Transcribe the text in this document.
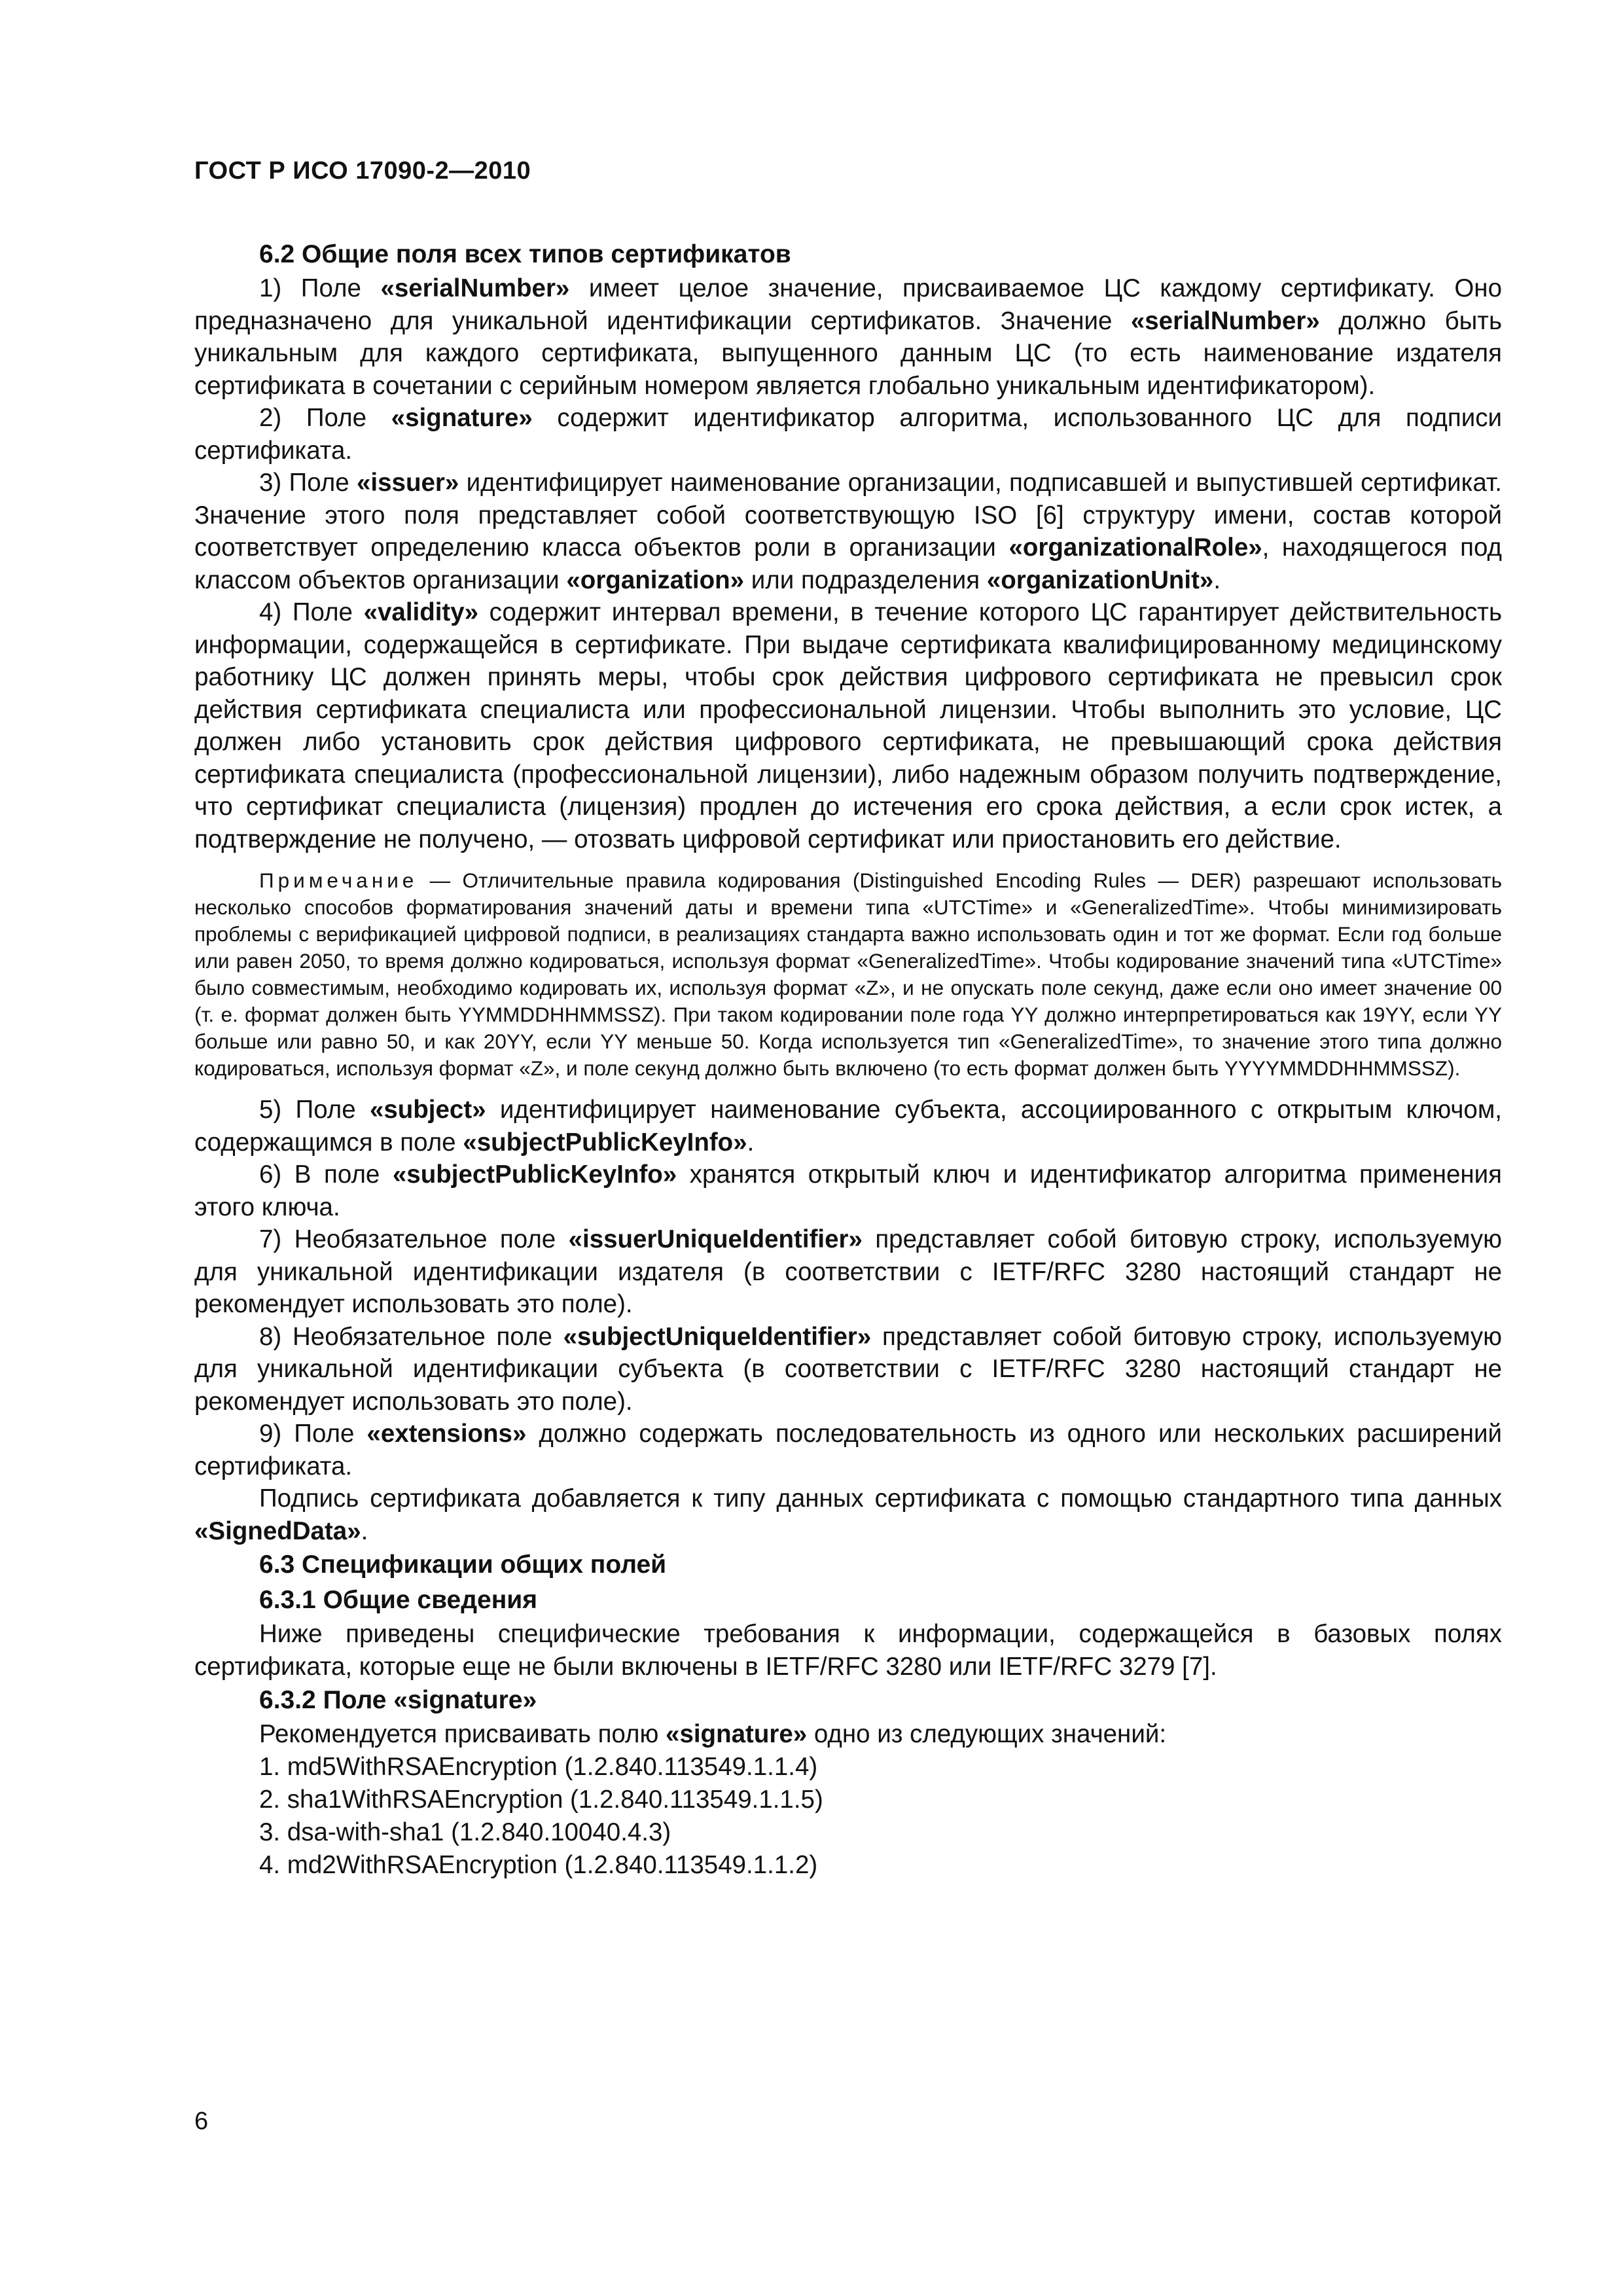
ГОСТ Р ИСО 17090-2—2010

6.2 Общие поля всех типов сертификатов

1) Поле «serialNumber» имеет целое значение, присваиваемое ЦС каждому сертификату. Оно предназначено для уникальной идентификации сертификатов. Значение «serialNumber» должно быть уникальным для каждого сертификата, выпущенного данным ЦС (то есть наименование издателя сертификата в сочетании с серийным номером является глобально уникальным идентификатором).

2) Поле «signature» содержит идентификатор алгоритма, использованного ЦС для подписи сертификата.

3) Поле «issuer» идентифицирует наименование организации, подписавшей и выпустившей сертификат. Значение этого поля представляет собой соответствующую ISO [6] структуру имени, состав которой соответствует определению класса объектов роли в организации «organizationalRole», находящегося под классом объектов организации «organization» или подразделения «organizationUnit».

4) Поле «validity» содержит интервал времени, в течение которого ЦС гарантирует действительность информации, содержащейся в сертификате. При выдаче сертификата квалифицированному медицинскому работнику ЦС должен принять меры, чтобы срок действия цифрового сертификата не превысил срок действия сертификата специалиста или профессиональной лицензии. Чтобы выполнить это условие, ЦС должен либо установить срок действия цифрового сертификата, не превышающий срока действия сертификата специалиста (профессиональной лицензии), либо надежным образом получить подтверждение, что сертификат специалиста (лицензия) продлен до истечения его срока действия, а если срок истек, а подтверждение не получено, — отозвать цифровой сертификат или приостановить его действие.

Примечание — Отличительные правила кодирования (Distinguished Encoding Rules — DER) разрешают использовать несколько способов форматирования значений даты и времени типа «UTCTime» и «GeneralizedTime». Чтобы минимизировать проблемы с верификацией цифровой подписи, в реализациях стандарта важно использовать один и тот же формат. Если год больше или равен 2050, то время должно кодироваться, используя формат «GeneralizedTime». Чтобы кодирование значений типа «UTCTime» было совместимым, необходимо кодировать их, используя формат «Z», и не опускать поле секунд, даже если оно имеет значение 00 (т. е. формат должен быть YYMMDDHHMMSSZ). При таком кодировании поле года YY должно интерпретироваться как 19YY, если YY больше или равно 50, и как 20YY, если YY меньше 50. Когда используется тип «GeneralizedTime», то значение этого типа должно кодироваться, используя формат «Z», и поле секунд должно быть включено (то есть формат должен быть YYYYMMDDHHMMSSZ).

5) Поле «subject» идентифицирует наименование субъекта, ассоциированного с открытым ключом, содержащимся в поле «subjectPublicKeyInfo».

6) В поле «subjectPublicKeyInfo» хранятся открытый ключ и идентификатор алгоритма применения этого ключа.

7) Необязательное поле «issuerUniqueIdentifier» представляет собой битовую строку, используемую для уникальной идентификации издателя (в соответствии с IETF/RFC 3280 настоящий стандарт не рекомендует использовать это поле).

8) Необязательное поле «subjectUniqueIdentifier» представляет собой битовую строку, используемую для уникальной идентификации субъекта (в соответствии с IETF/RFC 3280 настоящий стандарт не рекомендует использовать это поле).

9) Поле «extensions» должно содержать последовательность из одного или нескольких расширений сертификата.

Подпись сертификата добавляется к типу данных сертификата с помощью стандартного типа данных «SignedData».

6.3 Спецификации общих полей

6.3.1 Общие сведения

Ниже приведены специфические требования к информации, содержащейся в базовых полях сертификата, которые еще не были включены в IETF/RFC 3280 или IETF/RFC 3279 [7].

6.3.2 Поле «signature»

Рекомендуется присваивать полю «signature» одно из следующих значений:

1. md5WithRSAEncryption (1.2.840.113549.1.1.4)

2. sha1WithRSAEncryption (1.2.840.113549.1.1.5)

3. dsa-with-sha1 (1.2.840.10040.4.3)

4. md2WithRSAEncryption (1.2.840.113549.1.1.2)

6
